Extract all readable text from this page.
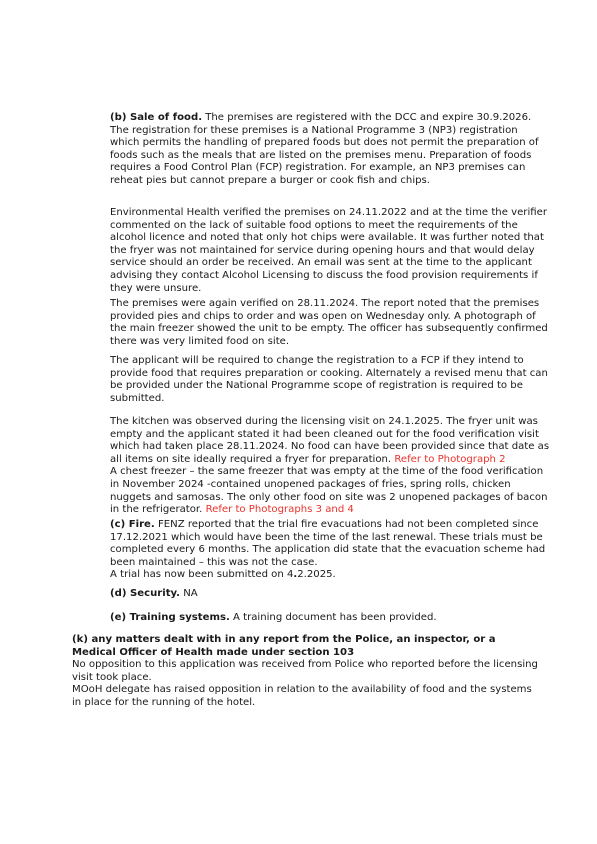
(b) Sale of food. The premises are registered with the DCC and expire 30.9.2026. The registration for these premises is a National Programme 3 (NP3) registration which permits the handling of prepared foods but does not permit the preparation of foods such as the meals that are listed on the premises menu. Preparation of foods requires a Food Control Plan (FCP) registration. For example, an NP3 premises can reheat pies but cannot prepare a burger or cook fish and chips.

Environmental Health verified the premises on 24.11.2022 and at the time the verifier commented on the lack of suitable food options to meet the requirements of the alcohol licence and noted that only hot chips were available. It was further noted that the fryer was not maintained for service during opening hours and that would delay service should an order be received. An email was sent at the time to the applicant advising they contact Alcohol Licensing to discuss the food provision requirements if they were unsure.

The premises were again verified on 28.11.2024. The report noted that the premises provided pies and chips to order and was open on Wednesday only. A photograph of the main freezer showed the unit to be empty. The officer has subsequently confirmed there was very limited food on site.

The applicant will be required to change the registration to a FCP if they intend to provide food that requires preparation or cooking. Alternately a revised menu that can be provided under the National Programme scope of registration is required to be submitted.

The kitchen was observed during the licensing visit on 24.1.2025. The fryer unit was empty and the applicant stated it had been cleaned out for the food verification visit which had taken place 28.11.2024. No food can have been provided since that date as all items on site ideally required a fryer for preparation. Refer to Photograph 2
A chest freezer – the same freezer that was empty at the time of the food verification in November 2024 -contained unopened packages of fries, spring rolls, chicken nuggets and samosas. The only other food on site was 2 unopened packages of bacon in the refrigerator. Refer to Photographs 3 and 4

(c) Fire. FENZ reported that the trial fire evacuations had not been completed since 17.12.2021 which would have been the time of the last renewal. These trials must be completed every 6 months. The application did state that the evacuation scheme had been maintained – this was not the case.
A trial has now been submitted on 4.2.2025.

(d) Security. NA

(e) Training systems. A training document has been provided.

(k) any matters dealt with in any report from the Police, an inspector, or a Medical Officer of Health made under section 103

No opposition to this application was received from Police who reported before the licensing visit took place.

MOoH delegate has raised opposition in relation to the availability of food and the systems in place for the running of the hotel.
